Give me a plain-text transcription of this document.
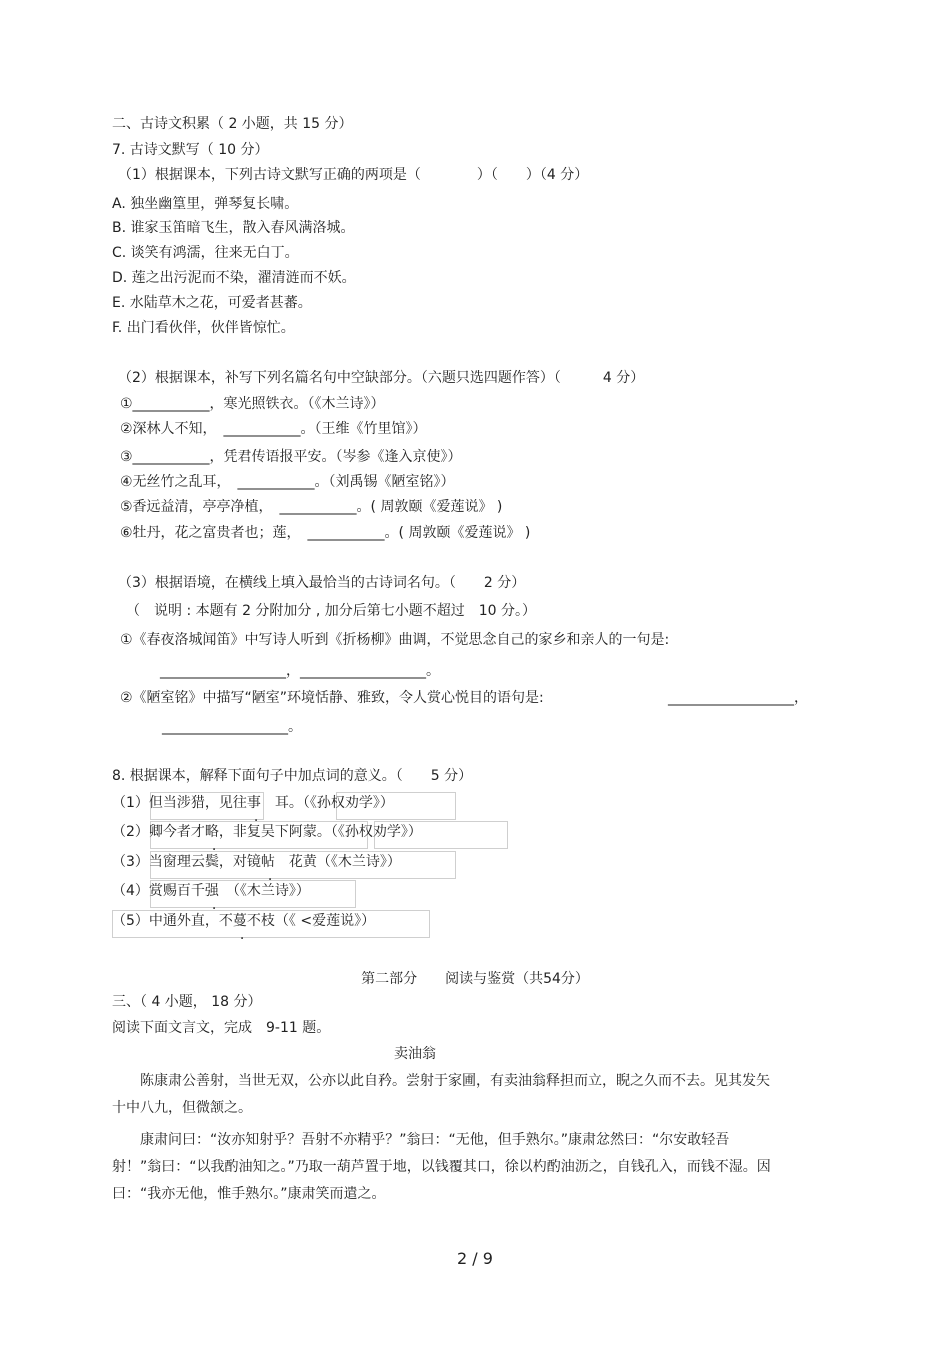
二、古诗文积累（ 2 小题，共 15 分）
7. 古诗文默写（ 10 分）
（1）根据课本，下列古诗文默写正确的两项是（　　　　）（　　）（4 分）
A. 独坐幽篁里，弹琴复长啸。
B. 谁家玉笛暗飞生，散入春风满洛城。
C. 谈笑有鸿濡，往来无白丁。
D. 莲之出污泥而不染，濯清涟而不妖。
E. 水陆草木之花，可爱者甚蕃。
F. 出门看伙伴，伙伴皆惊忙。
（2）根据课本，补写下列名篇名句中空缺部分。（六题只选四题作答）（　　　4 分）
①___________，寒光照铁衣。（《木兰诗》）
②深林人不知，　___________。（王维《竹里馆》）
③___________，凭君传语报平安。（岑参《逢入京使》）
④无丝竹之乱耳，　___________。（刘禹锡《陋室铭》）
⑤香远益清，亭亭净植，　___________。( 周敦颐《爱莲说》 )
⑥牡丹，花之富贵者也；莲，　___________。( 周敦颐《爱莲说》 )
（3）根据语境，在横线上填入最恰当的古诗词名句。（　　2 分）
（　说明 : 本题有 2 分附加分 , 加分后第七小题不超过　10 分。）
①《春夜洛城闻笛》中写诗人听到《折杨柳》曲调，不觉思念自己的家乡和亲人的一句是:
__________________，__________________。
②《陋室铭》中描写“陋室”环境恬静、雅致，令人赏心悦目的语句是:	__________________，
__________________。
8. 根据课本，解释下面句子中加点词的意义。（　　5 分）
（1）但当涉猎，见往事　耳。（《孙权劝学》）
（2）卿今者才略，非复吴下阿蒙。（《孙权劝学》）
（3）当窗理云鬓，对镜帖　花黄（《木兰诗》）
（4）赏赐百千强　（《木兰诗》）
（5）中通外直，不蔓不枝（《 <爱莲说》）
第二部分　　阅读与鉴赏（共54分）
三、（ 4 小题， 18 分）
阅读下面文言文，完成　9-11 题。
卖油翁
陈康肃公善射，当世无双，公亦以此自矜。尝射于家圃，有卖油翁释担而立，睨之久而不去。见其发矢十中八九，但微颔之。
康肃问曰：“汝亦知射乎？吾射不亦精乎？”翁曰：“无他，但手熟尔。”康肃忿然曰：“尔安敢轻吾射！”翁曰：“以我酌油知之。”乃取一葫芦置于地，以钱覆其口，徐以杓酌油沥之，自钱孔入，而钱不湿。因曰：“我亦无他，惟手熟尔。”康肃笑而遣之。
2 / 9
